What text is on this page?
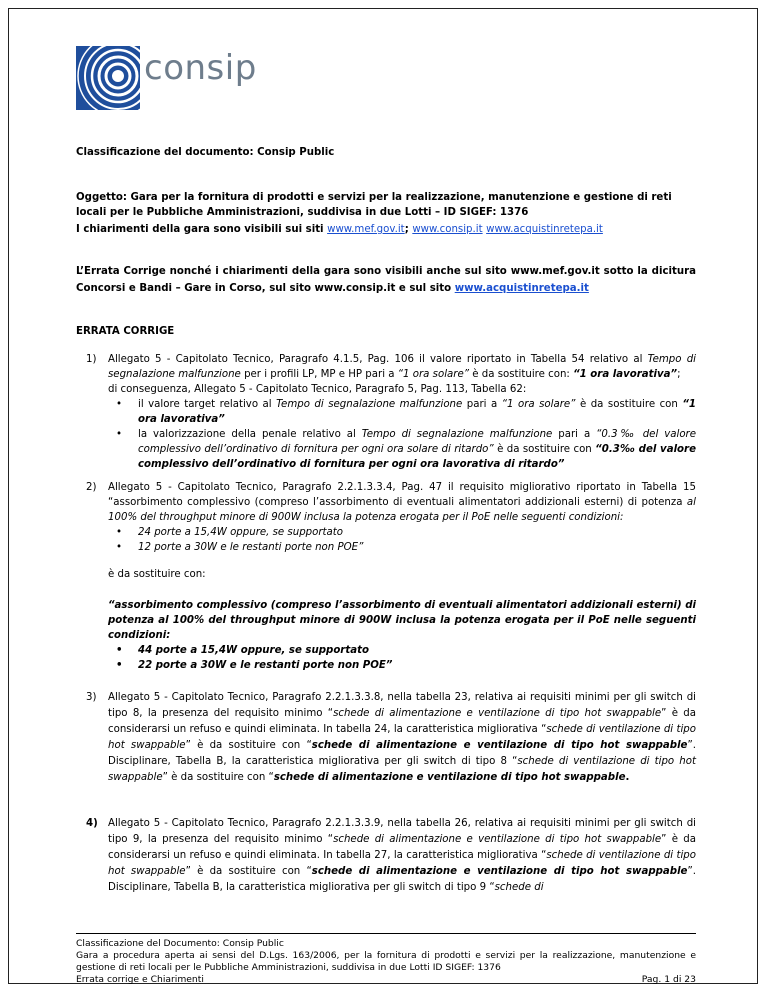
consip
Classificazione del documento: Consip Public
Oggetto: Gara per la fornitura di prodotti e servizi per la realizzazione, manutenzione e gestione di reti locali per le Pubbliche Amministrazioni, suddivisa in due Lotti – ID SIGEF: 1376
I chiarimenti della gara sono visibili sui siti www.mef.gov.it; www.consip.it www.acquistinretepa.it
L’Errata Corrige nonché i chiarimenti della gara sono visibili anche sul sito www.mef.gov.it sotto la dicitura Concorsi e Bandi – Gare in Corso, sul sito www.consip.it e sul sito www.acquistinretepa.it
ERRATA CORRIGE
1) Allegato 5 - Capitolato Tecnico, Paragrafo 4.1.5, Pag. 106 il valore riportato in Tabella 54 relativo al Tempo di segnalazione malfunzione per i profili LP, MP e HP pari a “1 ora solare” è da sostituire con: “1 ora lavorativa”;
di conseguenza, Allegato 5 - Capitolato Tecnico, Paragrafo 5, Pag. 113, Tabella 62:
• il valore target relativo al Tempo di segnalazione malfunzione pari a “1 ora solare” è da sostituire con “1 ora lavorativa”
• la valorizzazione della penale relativo al Tempo di segnalazione malfunzione pari a “0.3‰ del valore complessivo dell’ordinativo di fornitura per ogni ora solare di ritardo” è da sostituire con “0.3‰ del valore complessivo dell’ordinativo di fornitura per ogni ora lavorativa di ritardo”
2) Allegato 5 - Capitolato Tecnico, Paragrafo 2.2.1.3.3.4, Pag. 47 il requisito migliorativo riportato in Tabella 15 “assorbimento complessivo (compreso l’assorbimento di eventuali alimentatori addizionali esterni) di potenza al 100% del throughput minore di 900W inclusa la potenza erogata per il PoE nelle seguenti condizioni:
• 24 porte a 15,4W oppure, se supportato
• 12 porte a 30W e le restanti porte non POE”
è da sostituire con:
“assorbimento complessivo (compreso l’assorbimento di eventuali alimentatori addizionali esterni) di potenza al 100% del throughput minore di 900W inclusa la potenza erogata per il PoE nelle seguenti condizioni:
• 44 porte a 15,4W oppure, se supportato
• 22 porte a 30W e le restanti porte non POE”
3) Allegato 5 - Capitolato Tecnico, Paragrafo 2.2.1.3.3.8, nella tabella 23, relativa ai requisiti minimi per gli switch di tipo 8, la presenza del requisito minimo “schede di alimentazione e ventilazione di tipo hot swappable” è da considerarsi un refuso e quindi eliminata. In tabella 24, la caratteristica migliorativa “schede di ventilazione di tipo hot swappable” è da sostituire con “schede di alimentazione e ventilazione di tipo hot swappable”. Disciplinare, Tabella B, la caratteristica migliorativa per gli switch di tipo 8 “schede di ventilazione di tipo hot swappable” è da sostituire con “schede di alimentazione e ventilazione di tipo hot swappable.
4) Allegato 5 - Capitolato Tecnico, Paragrafo 2.2.1.3.3.9, nella tabella 26, relativa ai requisiti minimi per gli switch di tipo 9, la presenza del requisito minimo “schede di alimentazione e ventilazione di tipo hot swappable” è da considerarsi un refuso e quindi eliminata. In tabella 27, la caratteristica migliorativa “schede di ventilazione di tipo hot swappable” è da sostituire con “schede di alimentazione e ventilazione di tipo hot swappable”. Disciplinare, Tabella B, la caratteristica migliorativa per gli switch di tipo 9 “schede di
Classificazione del Documento: Consip Public
Gara a procedura aperta ai sensi del D.Lgs. 163/2006, per la fornitura di prodotti e servizi per la realizzazione, manutenzione e gestione di reti locali per le Pubbliche Amministrazioni, suddivisa in due Lotti ID SIGEF: 1376
Errata corrige e Chiarimenti	Pag. 1 di 23
